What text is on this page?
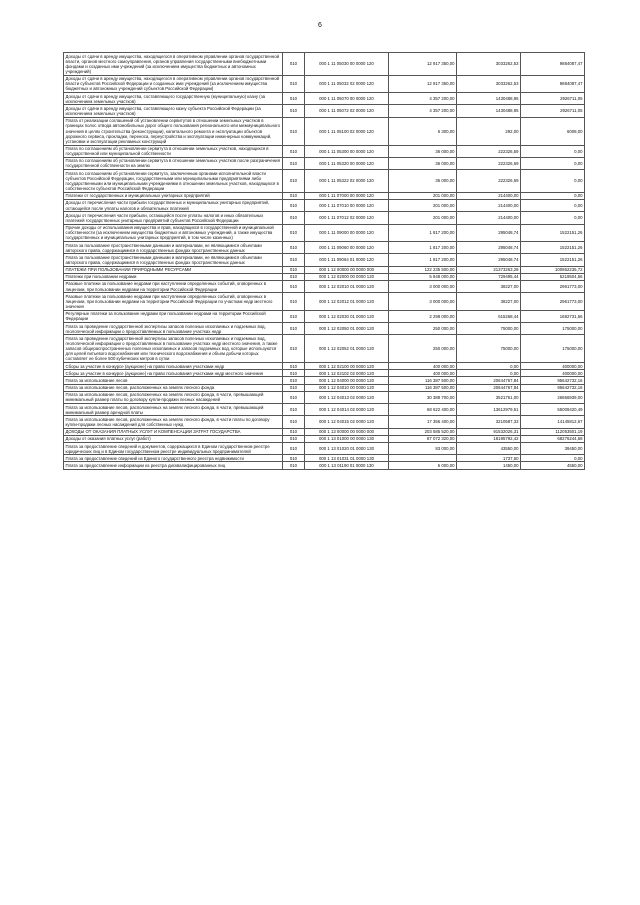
6
Доходы от сдачи в аренду имущества, находящегося в оперативном управлении органов государственной власти, органов местного самоуправления, органов управления государственными внебюджетными фондами и созданных ими учреждений (за исключением имущества бюджетных и автономных учреждений)	010	000 1 11 05030 00 0000 120	12 917 350,00	3033262,53	9884087,47
Доходы от сдачи в аренду имущества, находящегося в оперативном управлении органов государственной власти субъектов Российской Федерации и созданных ими учреждений (за исключением имущества бюджетных и автономных учреждений субъектов Российской Федерации)	010	000 1 11 05032 02 0000 120	12 917 350,00	3033262,53	9884087,47
Доходы от сдачи в аренду имущества, составляющего государственную (муниципальную) казну (за исключением земельных участков)	010	000 1 11 05070 00 0000 120	4 357 200,00	1430488,95	2926711,05
Доходы от сдачи в аренду имущества, составляющего казну субъекта Российской Федерации (за исключением земельных участков)	010	000 1 11 05072 02 0000 120	4 357 200,00	1430488,95	2926711,05
Плата от реализации соглашений об установлении сервитутов в отношении земельных участков в границах полос отвода автомобильных дорог общего пользования регионального или межмуниципального значения в целях строительства (реконструкции), капитального ремонта и эксплуатации объектов дорожного сервиса, прокладки, переноса, переустройства и эксплуатации инженерных коммуникаций, установки и эксплуатации рекламных конструкций	010	000 1 11 05100 02 0000 120	6 300,00	292,00	6008,00
Плата по соглашениям об установлении сервитута в отношении земельных участков, находящихся в государственной или муниципальной собственности	010	000 1 11 05300 00 0000 120	36 000,00	222326,59	0,00
Плата по соглашениям об установлении сервитута в отношении земельных участков после разграничения государственной собственности на землю	010	000 1 11 05320 00 0000 120	36 000,00	222326,59	0,00
Плата по соглашениям об установлении сервитута, заключенным органами исполнительной власти субъектов Российской Федерации, государственными или муниципальными предприятиями либо государственными или муниципальными учреждениями в отношении земельных участков, находящихся в собственности субъектов Российской Федерации	010	000 1 11 05322 02 0000 120	36 000,00	222326,59	0,00
Платежи от государственных и муниципальных унитарных предприятий	010	000 1 11 07000 00 0000 120	201 000,00	214400,00	0,00
Доходы от перечисления части прибыли государственных и муниципальных унитарных предприятий, остающейся после уплаты налогов и обязательных платежей	010	000 1 11 07010 00 0000 120	201 000,00	214400,00	0,00
Доходы от перечисления части прибыли, остающейся после уплаты налогов и иных обязательных платежей государственных унитарных предприятий субъектов Российской Федерации	010	000 1 11 07012 02 0000 120	201 000,00	214400,00	0,00
Прочие доходы от использования имущества и прав, находящихся в государственной и муниципальной собственности (за исключением имущества бюджетных и автономных учреждений, а также имущества государственных и муниципальных унитарных предприятий, в том числе казенных)	010	000 1 11 09000 00 0000 120	1 817 200,00	295048,74	1522151,26
Плата за пользование пространственными данными и материалами, не являющимися объектами авторского права, содержащимися в государственных фондах пространственных данных	010	000 1 11 09060 00 0000 120	1 817 200,00	295048,74	1522151,26
Плата за пользование пространственными данными и материалами, не являющимися объектами авторского права, содержащимися в государственных фондах пространственных данных	010	000 1 11 09064 01 0000 120	1 817 200,00	295048,74	1522151,26
ПЛАТЕЖИ ПРИ ПОЛЬЗОВАНИИ ПРИРОДНЫМИ РЕСУРСАМИ	010	000 1 12 00000 00 0000 000	122 235 500,00	21373263,28	100862236,72
Платежи при пользовании недрами	010	000 1 12 02000 00 0000 120	5 848 000,00	729495,44	5219504,56
Разовые платежи за пользование недрами при наступлении определенных событий, оговоренных в лицензии, при пользовании недрами на территории Российской Федерации	010	000 1 12 02010 01 0000 120	3 000 000,00	38227,00	2961773,00
Разовые платежи за пользование недрами при наступлении определенных событий, оговоренных в лицензии, при пользовании недрами на территории Российской Федерации по участкам недр местного значения	010	000 1 12 02012 01 0000 120	3 000 000,00	38227,00	2961773,00
Регулярные платежи за пользование недрами при пользовании недрами на территории Российской Федерации	010	000 1 12 02030 01 0000 120	2 298 000,00	615268,44	1682731,56
Плата за проведение государственной экспертизы запасов полезных ископаемых и подземных вод, геологической информации о предоставляемых в пользование участках недр	010	000 1 12 02050 01 0000 120	250 000,00	75000,00	175000,00
Плата за проведение государственной экспертизы запасов полезных ископаемых и подземных вод, геологической информации о предоставляемых в пользование участках недр местного значения, а также запасов общераспространенных полезных ископаемых и запасов подземных вод, которые используются для целей питьевого водоснабжения или технического водоснабжения и объем добычи которых составляет не более 500 кубических метров в сутки	010	000 1 12 02052 01 0000 120	250 000,00	75000,00	175000,00
Сборы за участие в конкурсе (аукционе) на право пользования участками недр	010	000 1 12 02100 00 0000 120	400 000,00	0,00	400000,00
Сборы за участие в конкурсе (аукционе) на право пользования участками недр местного значения	010	000 1 12 02102 02 0000 120	400 000,00	0,00	400000,00
Плата за использование лесов	010	000 1 12 04000 00 0000 120	116 387 500,00	20644767,84	95642732,16
Плата за использование лесов, расположенных на землях лесного фонда	010	000 1 12 04010 00 0000 120	116 387 500,00	20644767,84	95642732,16
Плата за использование лесов, расположенных на землях лесного фонда, в части, превышающей минимальный размер платы по договору купли-продажи лесных насаждений	010	000 1 12 04013 02 0000 120	30 388 700,00	3521761,00	26866939,00
Плата за использование лесов, расположенных на землях лесного фонда, в части, превышающей минимальный размер арендной платы	010	000 1 12 04014 02 0000 120	68 622 400,00	13612979,51	55009420,49
Плата за использование лесов, расположенных на землях лесного фонда, в части платы по договору купли-продажи лесных насаждений для собственных нужд	010	000 1 12 04015 02 0000 120	17 356 400,00	3210587,33	14145812,67
ДОХОДЫ ОТ ОКАЗАНИЯ ПЛАТНЫХ УСЛУГ И КОМПЕНСАЦИИ ЗАТРАТ ГОСУДАРСТВА	010	000 1 13 00000 00 0000 000	203 585 520,00	91532026,31	112053501,19
Доходы от оказания платных услуг (работ)	010	000 1 13 01000 00 0000 130	87 072 320,00	18195792,42	68276244,58
Плата за предоставление сведений и документов, содержащихся в Едином государственном реестре юридических лиц и в Едином государственном реестре индивидуальных предпринимателей	010	000 1 13 01020 01 0000 130	83 000,00	43550,00	39450,00
Плата за предоставление сведений из Единого государственного реестра недвижимости	010	000 1 13 01031 01 0000 130		1737,50	0,00
Плата за предоставление информации из реестра дисквалифицированных лиц	010	000 1 13 01190 01 0000 130	6 000,00	1450,00	4550,00
